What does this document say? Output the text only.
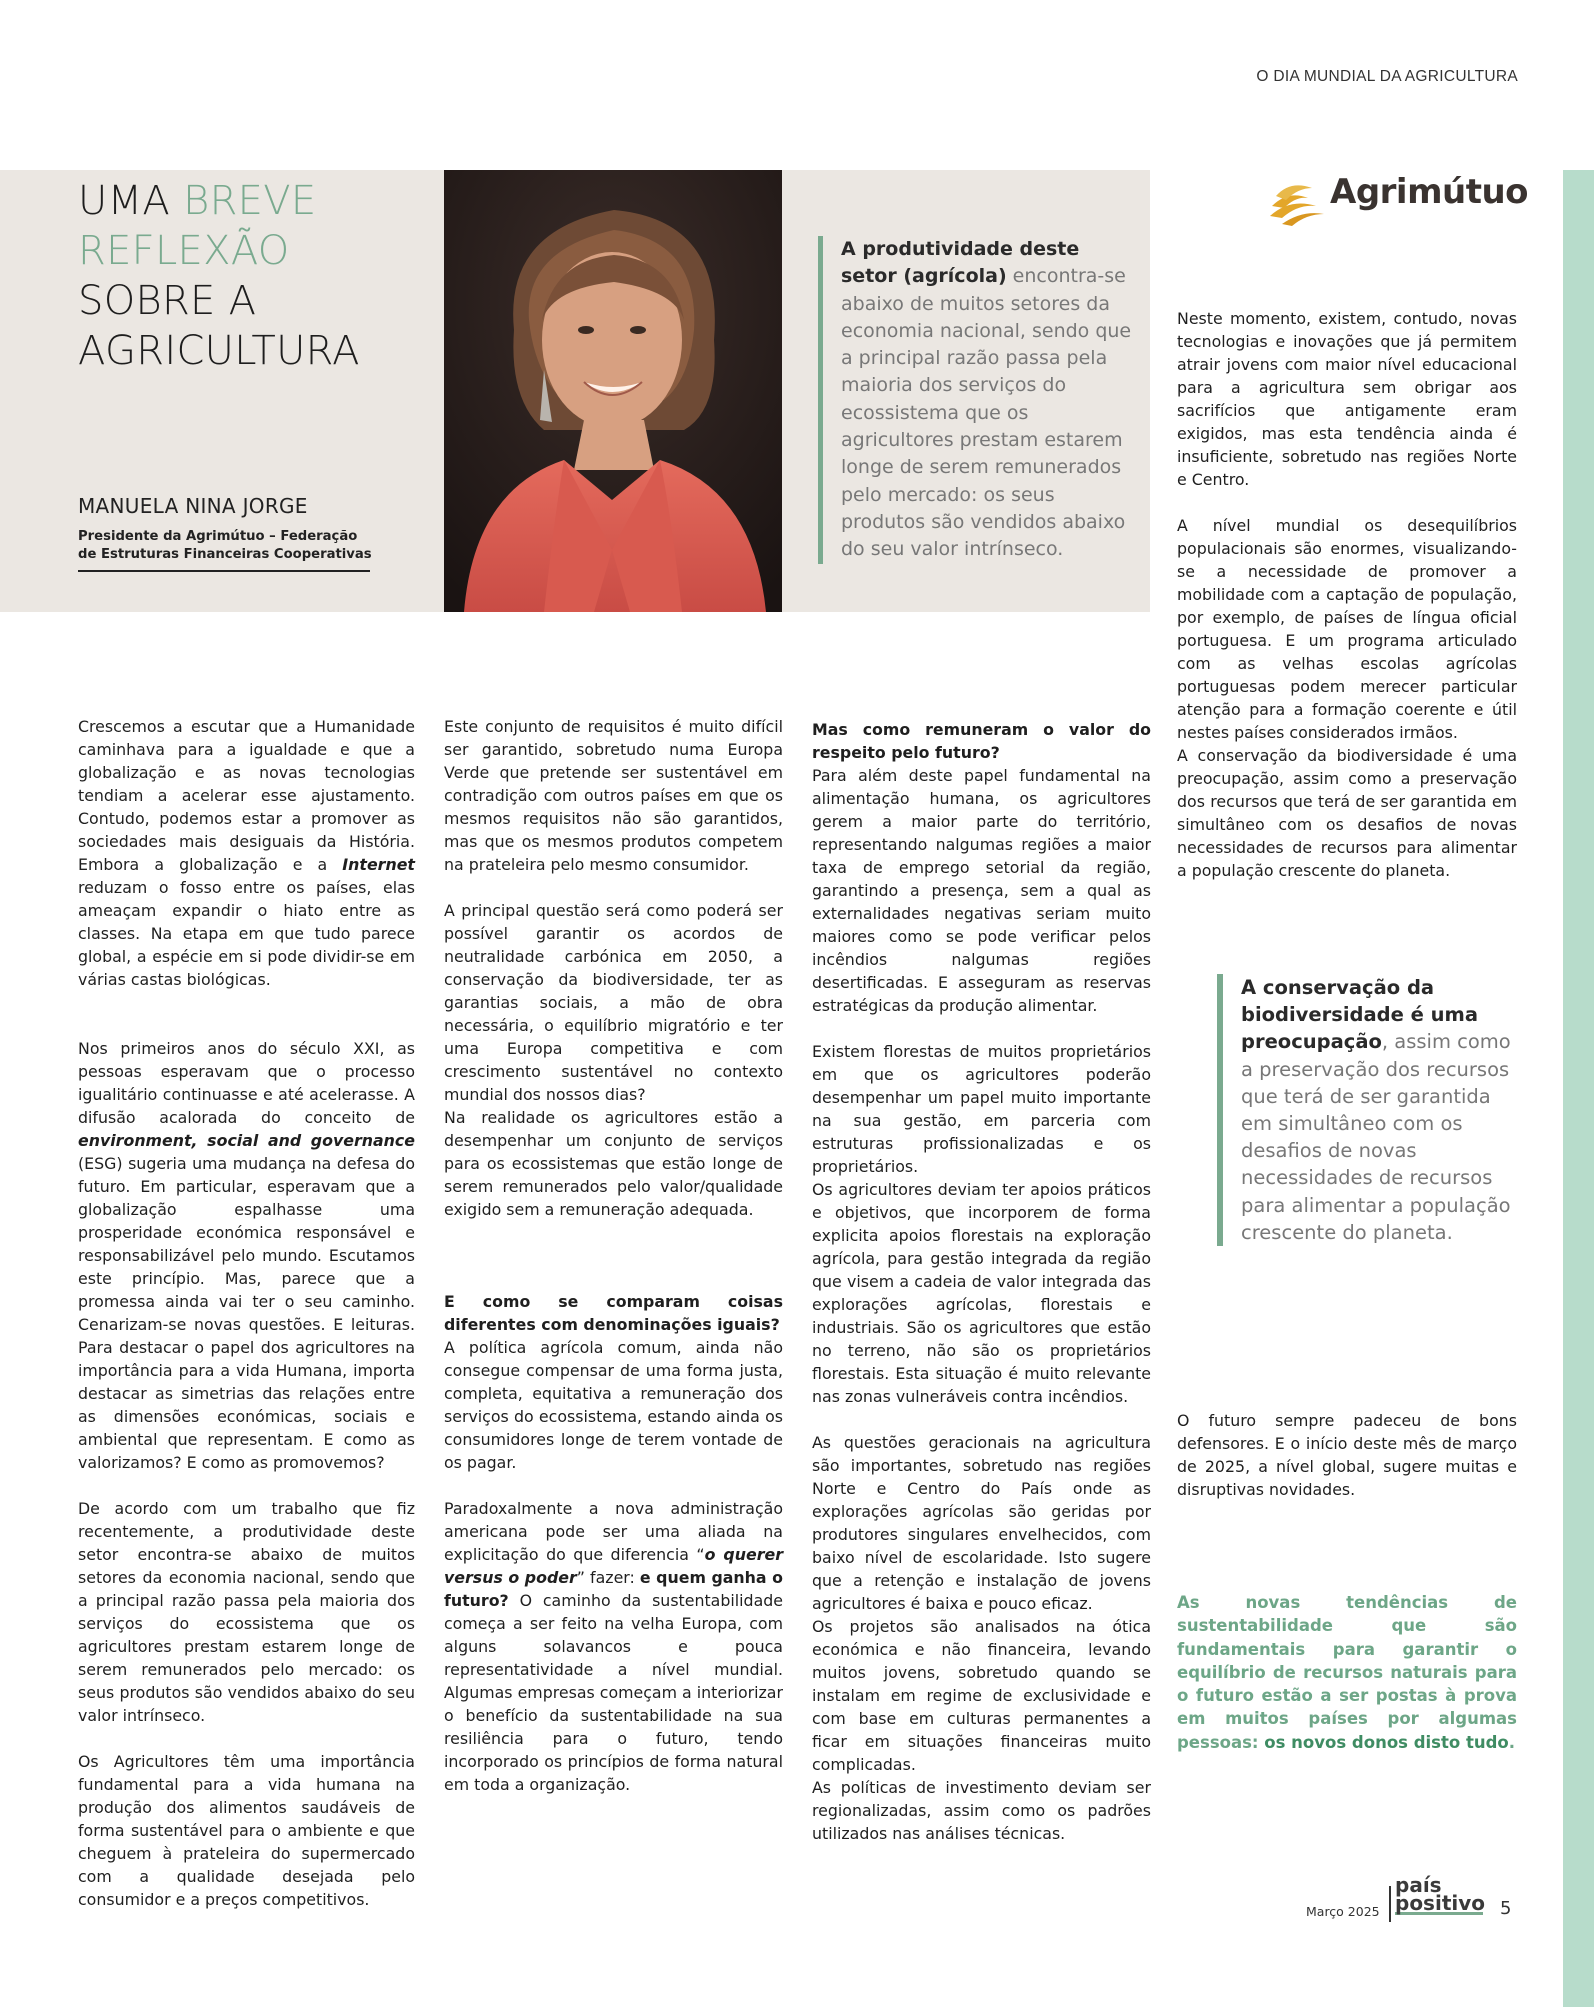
O DIA MUNDIAL DA AGRICULTURA
UMA BREVE
REFLEXÃO
SOBRE A
AGRICULTURA
MANUELA NINA JORGE
Presidente da Agrimútuo – Federação de Estruturas Financeiras Cooperativas
A produtividade deste setor (agrícola) encontra-se abaixo de muitos setores da economia nacional, sendo que a principal razão passa pela maioria dos serviços do ecossistema que os agricultores prestam estarem longe de serem remunerados pelo mercado: os seus produtos são vendidos abaixo do seu valor intrínseco.
Agrimútuo

Crescemos a escutar que a Humanidade caminhava para a igualdade e que a globalização e as novas tecnologias tendiam a acelerar esse ajustamento. Contudo, podemos estar a promover as sociedades mais desiguais da História. Embora a globalização e a Internet reduzam o fosso entre os países, elas ameaçam expandir o hiato entre as classes. Na etapa em que tudo parece global, a espécie em si pode dividir-se em várias castas biológicas.

Nos primeiros anos do século XXI, as pessoas esperavam que o processo igualitário continuasse e até acelerasse. A difusão acalorada do conceito de environment, social and governance (ESG) sugeria uma mudança na defesa do futuro. Em particular, esperavam que a globalização espalhasse uma prosperidade económica responsável e responsabilizável pelo mundo. Escutamos este princípio. Mas, parece que a promessa ainda vai ter o seu caminho. Cenarizam-se novas questões. E leituras. Para destacar o papel dos agricultores na importância para a vida Humana, importa destacar as simetrias das relações entre as dimensões económicas, sociais e ambiental que representam. E como as valorizamos? E como as promovemos?

De acordo com um trabalho que fiz recentemente, a produtividade deste setor encontra-se abaixo de muitos setores da economia nacional, sendo que a principal razão passa pela maioria dos serviços do ecossistema que os agricultores prestam estarem longe de serem remunerados pelo mercado: os seus produtos são vendidos abaixo do seu valor intrínseco.

Os Agricultores têm uma importância fundamental para a vida humana na produção dos alimentos saudáveis de forma sustentável para o ambiente e que cheguem à prateleira do supermercado com a qualidade desejada pelo consumidor e a preços competitivos.

Este conjunto de requisitos é muito difícil ser garantido, sobretudo numa Europa Verde que pretende ser sustentável em contradição com outros países em que os mesmos requisitos não são garantidos, mas que os mesmos produtos competem na prateleira pelo mesmo consumidor.

A principal questão será como poderá ser possível garantir os acordos de neutralidade carbónica em 2050, a conservação da biodiversidade, ter as garantias sociais, a mão de obra necessária, o equilíbrio migratório e ter uma Europa competitiva e com crescimento sustentável no contexto mundial dos nossos dias?

Na realidade os agricultores estão a desempenhar um conjunto de serviços para os ecossistemas que estão longe de serem remunerados pelo valor/qualidade exigido sem a remuneração adequada.

E como se comparam coisas diferentes com denominações iguais?

A política agrícola comum, ainda não consegue compensar de uma forma justa, completa, equitativa a remuneração dos serviços do ecossistema, estando ainda os consumidores longe de terem vontade de os pagar.

Paradoxalmente a nova administração americana pode ser uma aliada na explicitação do que diferencia “o querer versus o poder” fazer: e quem ganha o futuro? O caminho da sustentabilidade começa a ser feito na velha Europa, com alguns solavancos e pouca representatividade a nível mundial. Algumas empresas começam a interiorizar o benefício da sustentabilidade na sua resiliência para o futuro, tendo incorporado os princípios de forma natural em toda a organização.

Mas como remuneram o valor do respeito pelo futuro?

Para além deste papel fundamental na alimentação humana, os agricultores gerem a maior parte do território, representando nalgumas regiões a maior taxa de emprego setorial da região, garantindo a presença, sem a qual as externalidades negativas seriam muito maiores como se pode verificar pelos incêndios nalgumas regiões desertificadas. E asseguram as reservas estratégicas da produção alimentar.

Existem florestas de muitos proprietários em que os agricultores poderão desempenhar um papel muito importante na sua gestão, em parceria com estruturas profissionalizadas e os proprietários.

Os agricultores deviam ter apoios práticos e objetivos, que incorporem de forma explicita apoios florestais na exploração agrícola, para gestão integrada da região que visem a cadeia de valor integrada das explorações agrícolas, florestais e industriais. São os agricultores que estão no terreno, não são os proprietários florestais. Esta situação é muito relevante nas zonas vulneráveis contra incêndios.

As questões geracionais na agricultura são importantes, sobretudo nas regiões Norte e Centro do País onde as explorações agrícolas são geridas por produtores singulares envelhecidos, com baixo nível de escolaridade. Isto sugere que a retenção e instalação de jovens agricultores é baixa e pouco eficaz.

Os projetos são analisados na ótica económica e não financeira, levando muitos jovens, sobretudo quando se instalam em regime de exclusividade e com base em culturas permanentes a ficar em situações financeiras muito complicadas.

As políticas de investimento deviam ser regionalizadas, assim como os padrões utilizados nas análises técnicas.

Neste momento, existem, contudo, novas tecnologias e inovações que já permitem atrair jovens com maior nível educacional para a agricultura sem obrigar aos sacrifícios que antigamente eram exigidos, mas esta tendência ainda é insuficiente, sobretudo nas regiões Norte e Centro.

A nível mundial os desequilíbrios populacionais são enormes, visualizando-se a necessidade de promover a mobilidade com a captação de população, por exemplo, de países de língua oficial portuguesa. E um programa articulado com as velhas escolas agrícolas portuguesas podem merecer particular atenção para a formação coerente e útil nestes países considerados irmãos.

A conservação da biodiversidade é uma preocupação, assim como a preservação dos recursos que terá de ser garantida em simultâneo com os desafios de novas necessidades de recursos para alimentar a população crescente do planeta.

A conservação da biodiversidade é uma preocupação, assim como a preservação dos recursos que terá de ser garantida em simultâneo com os desafios de novas necessidades de recursos para alimentar a população crescente do planeta.

O futuro sempre padeceu de bons defensores. E o início deste mês de março de 2025, a nível global, sugere muitas e disruptivas novidades.

As novas tendências de sustentabilidade que são fundamentais para garantir o equilíbrio de recursos naturais para o futuro estão a ser postas à prova em muitos países por algumas pessoas: os novos donos disto tudo.
Março 2025
país
positivo 5
